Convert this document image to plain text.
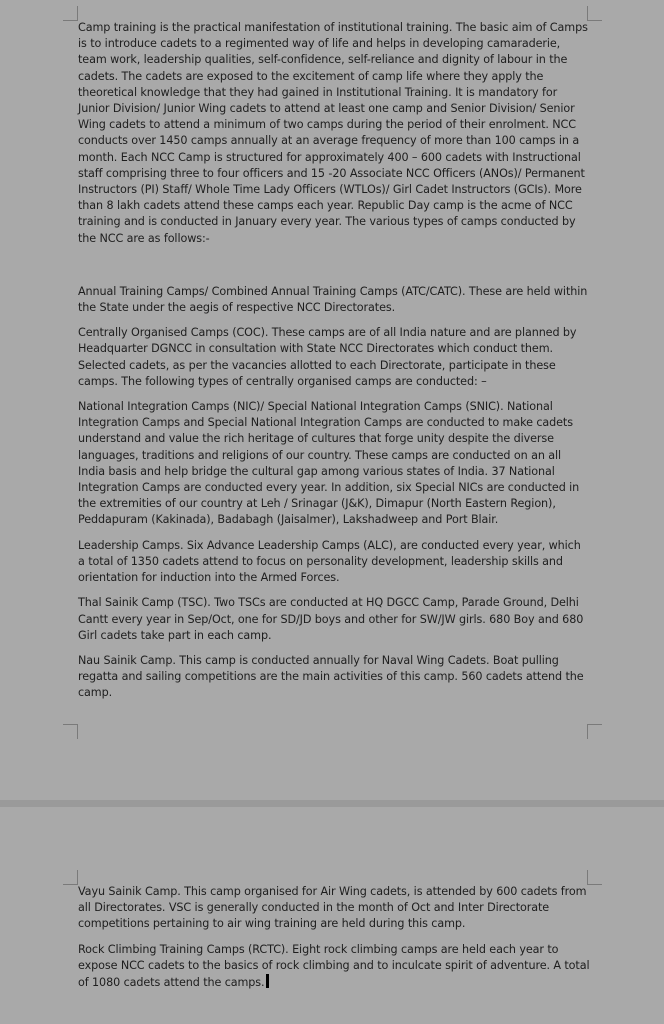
Camp training is the practical manifestation of institutional training. The basic aim of Camps is to introduce cadets to a regimented way of life and helps in developing camaraderie, team work, leadership qualities, self-confidence, self-reliance and dignity of labour in the cadets. The cadets are exposed to the excitement of camp life where they apply the theoretical knowledge that they had gained in Institutional Training. It is mandatory for Junior Division/ Junior Wing cadets to attend at least one camp and Senior Division/ Senior Wing cadets to attend a minimum of two camps during the period of their enrolment. NCC conducts over 1450 camps annually at an average frequency of more than 100 camps in a month. Each NCC Camp is structured for approximately 400 – 600 cadets with Instructional staff comprising three to four officers and 15 -20 Associate NCC Officers (ANOs)/ Permanent Instructors (PI) Staff/ Whole Time Lady Officers (WTLOs)/ Girl Cadet Instructors (GCIs). More than 8 lakh cadets attend these camps each year. Republic Day camp is the acme of NCC training and is conducted in January every year. The various types of camps conducted by the NCC are as follows:-

Annual Training Camps/ Combined Annual Training Camps (ATC/CATC). These are held within the State under the aegis of respective NCC Directorates.

Centrally Organised Camps (COC). These camps are of all India nature and are planned by Headquarter DGNCC in consultation with State NCC Directorates which conduct them. Selected cadets, as per the vacancies allotted to each Directorate, participate in these camps. The following types of centrally organised camps are conducted: –

National Integration Camps (NIC)/ Special National Integration Camps (SNIC). National Integration Camps and Special National Integration Camps are conducted to make cadets understand and value the rich heritage of cultures that forge unity despite the diverse languages, traditions and religions of our country. These camps are conducted on an all India basis and help bridge the cultural gap among various states of India. 37 National Integration Camps are conducted every year. In addition, six Special NICs are conducted in the extremities of our country at Leh / Srinagar (J&K), Dimapur (North Eastern Region), Peddapuram (Kakinada), Badabagh (Jaisalmer), Lakshadweep and Port Blair.

Leadership Camps. Six Advance Leadership Camps (ALC), are conducted every year, which a total of 1350 cadets attend to focus on personality development, leadership skills and orientation for induction into the Armed Forces.

Thal Sainik Camp (TSC). Two TSCs are conducted at HQ DGCC Camp, Parade Ground, Delhi Cantt every year in Sep/Oct, one for SD/JD boys and other for SW/JW girls. 680 Boy and 680 Girl cadets take part in each camp.

Nau Sainik Camp. This camp is conducted annually for Naval Wing Cadets. Boat pulling regatta and sailing competitions are the main activities of this camp. 560 cadets attend the camp.

Vayu Sainik Camp. This camp organised for Air Wing cadets, is attended by 600 cadets from all Directorates. VSC is generally conducted in the month of Oct and Inter Directorate competitions pertaining to air wing training are held during this camp.

Rock Climbing Training Camps (RCTC). Eight rock climbing camps are held each year to expose NCC cadets to the basics of rock climbing and to inculcate spirit of adventure. A total of 1080 cadets attend the camps.
